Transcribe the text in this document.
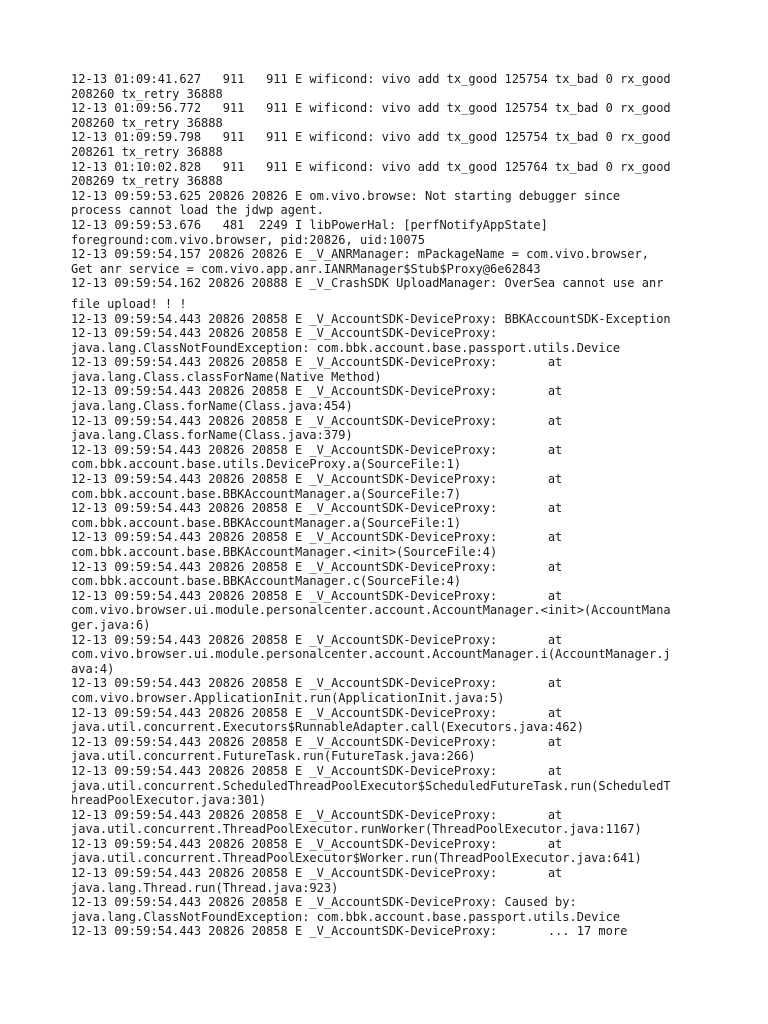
12-13 01:09:41.627   911   911 E wificond: vivo add tx_good 125754 tx_bad 0 rx_good
208260 tx_retry 36888
12-13 01:09:56.772   911   911 E wificond: vivo add tx_good 125754 tx_bad 0 rx_good
208260 tx_retry 36888
12-13 01:09:59.798   911   911 E wificond: vivo add tx_good 125754 tx_bad 0 rx_good
208261 tx_retry 36888
12-13 01:10:02.828   911   911 E wificond: vivo add tx_good 125764 tx_bad 0 rx_good
208269 tx_retry 36888
12-13 09:59:53.625 20826 20826 E om.vivo.browse: Not starting debugger since
process cannot load the jdwp agent.
12-13 09:59:53.676   481  2249 I libPowerHal: [perfNotifyAppState]
foreground:com.vivo.browser, pid:20826, uid:10075
12-13 09:59:54.157 20826 20826 E _V_ANRManager: mPackageName = com.vivo.browser,
Get anr service = com.vivo.app.anr.IANRManager$Stub$Proxy@6e62843
12-13 09:59:54.162 20826 20888 E _V_CrashSDK UploadManager: OverSea cannot use anr
file upload! ! !
12-13 09:59:54.443 20826 20858 E _V_AccountSDK-DeviceProxy: BBKAccountSDK-Exception
12-13 09:59:54.443 20826 20858 E _V_AccountSDK-DeviceProxy:
java.lang.ClassNotFoundException: com.bbk.account.base.passport.utils.Device
12-13 09:59:54.443 20826 20858 E _V_AccountSDK-DeviceProxy:       at
java.lang.Class.classForName(Native Method)
12-13 09:59:54.443 20826 20858 E _V_AccountSDK-DeviceProxy:       at
java.lang.Class.forName(Class.java:454)
12-13 09:59:54.443 20826 20858 E _V_AccountSDK-DeviceProxy:       at
java.lang.Class.forName(Class.java:379)
12-13 09:59:54.443 20826 20858 E _V_AccountSDK-DeviceProxy:       at
com.bbk.account.base.utils.DeviceProxy.a(SourceFile:1)
12-13 09:59:54.443 20826 20858 E _V_AccountSDK-DeviceProxy:       at
com.bbk.account.base.BBKAccountManager.a(SourceFile:7)
12-13 09:59:54.443 20826 20858 E _V_AccountSDK-DeviceProxy:       at
com.bbk.account.base.BBKAccountManager.a(SourceFile:1)
12-13 09:59:54.443 20826 20858 E _V_AccountSDK-DeviceProxy:       at
com.bbk.account.base.BBKAccountManager.<init>(SourceFile:4)
12-13 09:59:54.443 20826 20858 E _V_AccountSDK-DeviceProxy:       at
com.bbk.account.base.BBKAccountManager.c(SourceFile:4)
12-13 09:59:54.443 20826 20858 E _V_AccountSDK-DeviceProxy:       at
com.vivo.browser.ui.module.personalcenter.account.AccountManager.<init>(AccountMana
ger.java:6)
12-13 09:59:54.443 20826 20858 E _V_AccountSDK-DeviceProxy:       at
com.vivo.browser.ui.module.personalcenter.account.AccountManager.i(AccountManager.j
ava:4)
12-13 09:59:54.443 20826 20858 E _V_AccountSDK-DeviceProxy:       at
com.vivo.browser.ApplicationInit.run(ApplicationInit.java:5)
12-13 09:59:54.443 20826 20858 E _V_AccountSDK-DeviceProxy:       at
java.util.concurrent.Executors$RunnableAdapter.call(Executors.java:462)
12-13 09:59:54.443 20826 20858 E _V_AccountSDK-DeviceProxy:       at
java.util.concurrent.FutureTask.run(FutureTask.java:266)
12-13 09:59:54.443 20826 20858 E _V_AccountSDK-DeviceProxy:       at
java.util.concurrent.ScheduledThreadPoolExecutor$ScheduledFutureTask.run(ScheduledT
hreadPoolExecutor.java:301)
12-13 09:59:54.443 20826 20858 E _V_AccountSDK-DeviceProxy:       at
java.util.concurrent.ThreadPoolExecutor.runWorker(ThreadPoolExecutor.java:1167)
12-13 09:59:54.443 20826 20858 E _V_AccountSDK-DeviceProxy:       at
java.util.concurrent.ThreadPoolExecutor$Worker.run(ThreadPoolExecutor.java:641)
12-13 09:59:54.443 20826 20858 E _V_AccountSDK-DeviceProxy:       at
java.lang.Thread.run(Thread.java:923)
12-13 09:59:54.443 20826 20858 E _V_AccountSDK-DeviceProxy: Caused by:
java.lang.ClassNotFoundException: com.bbk.account.base.passport.utils.Device
12-13 09:59:54.443 20826 20858 E _V_AccountSDK-DeviceProxy:       ... 17 more
